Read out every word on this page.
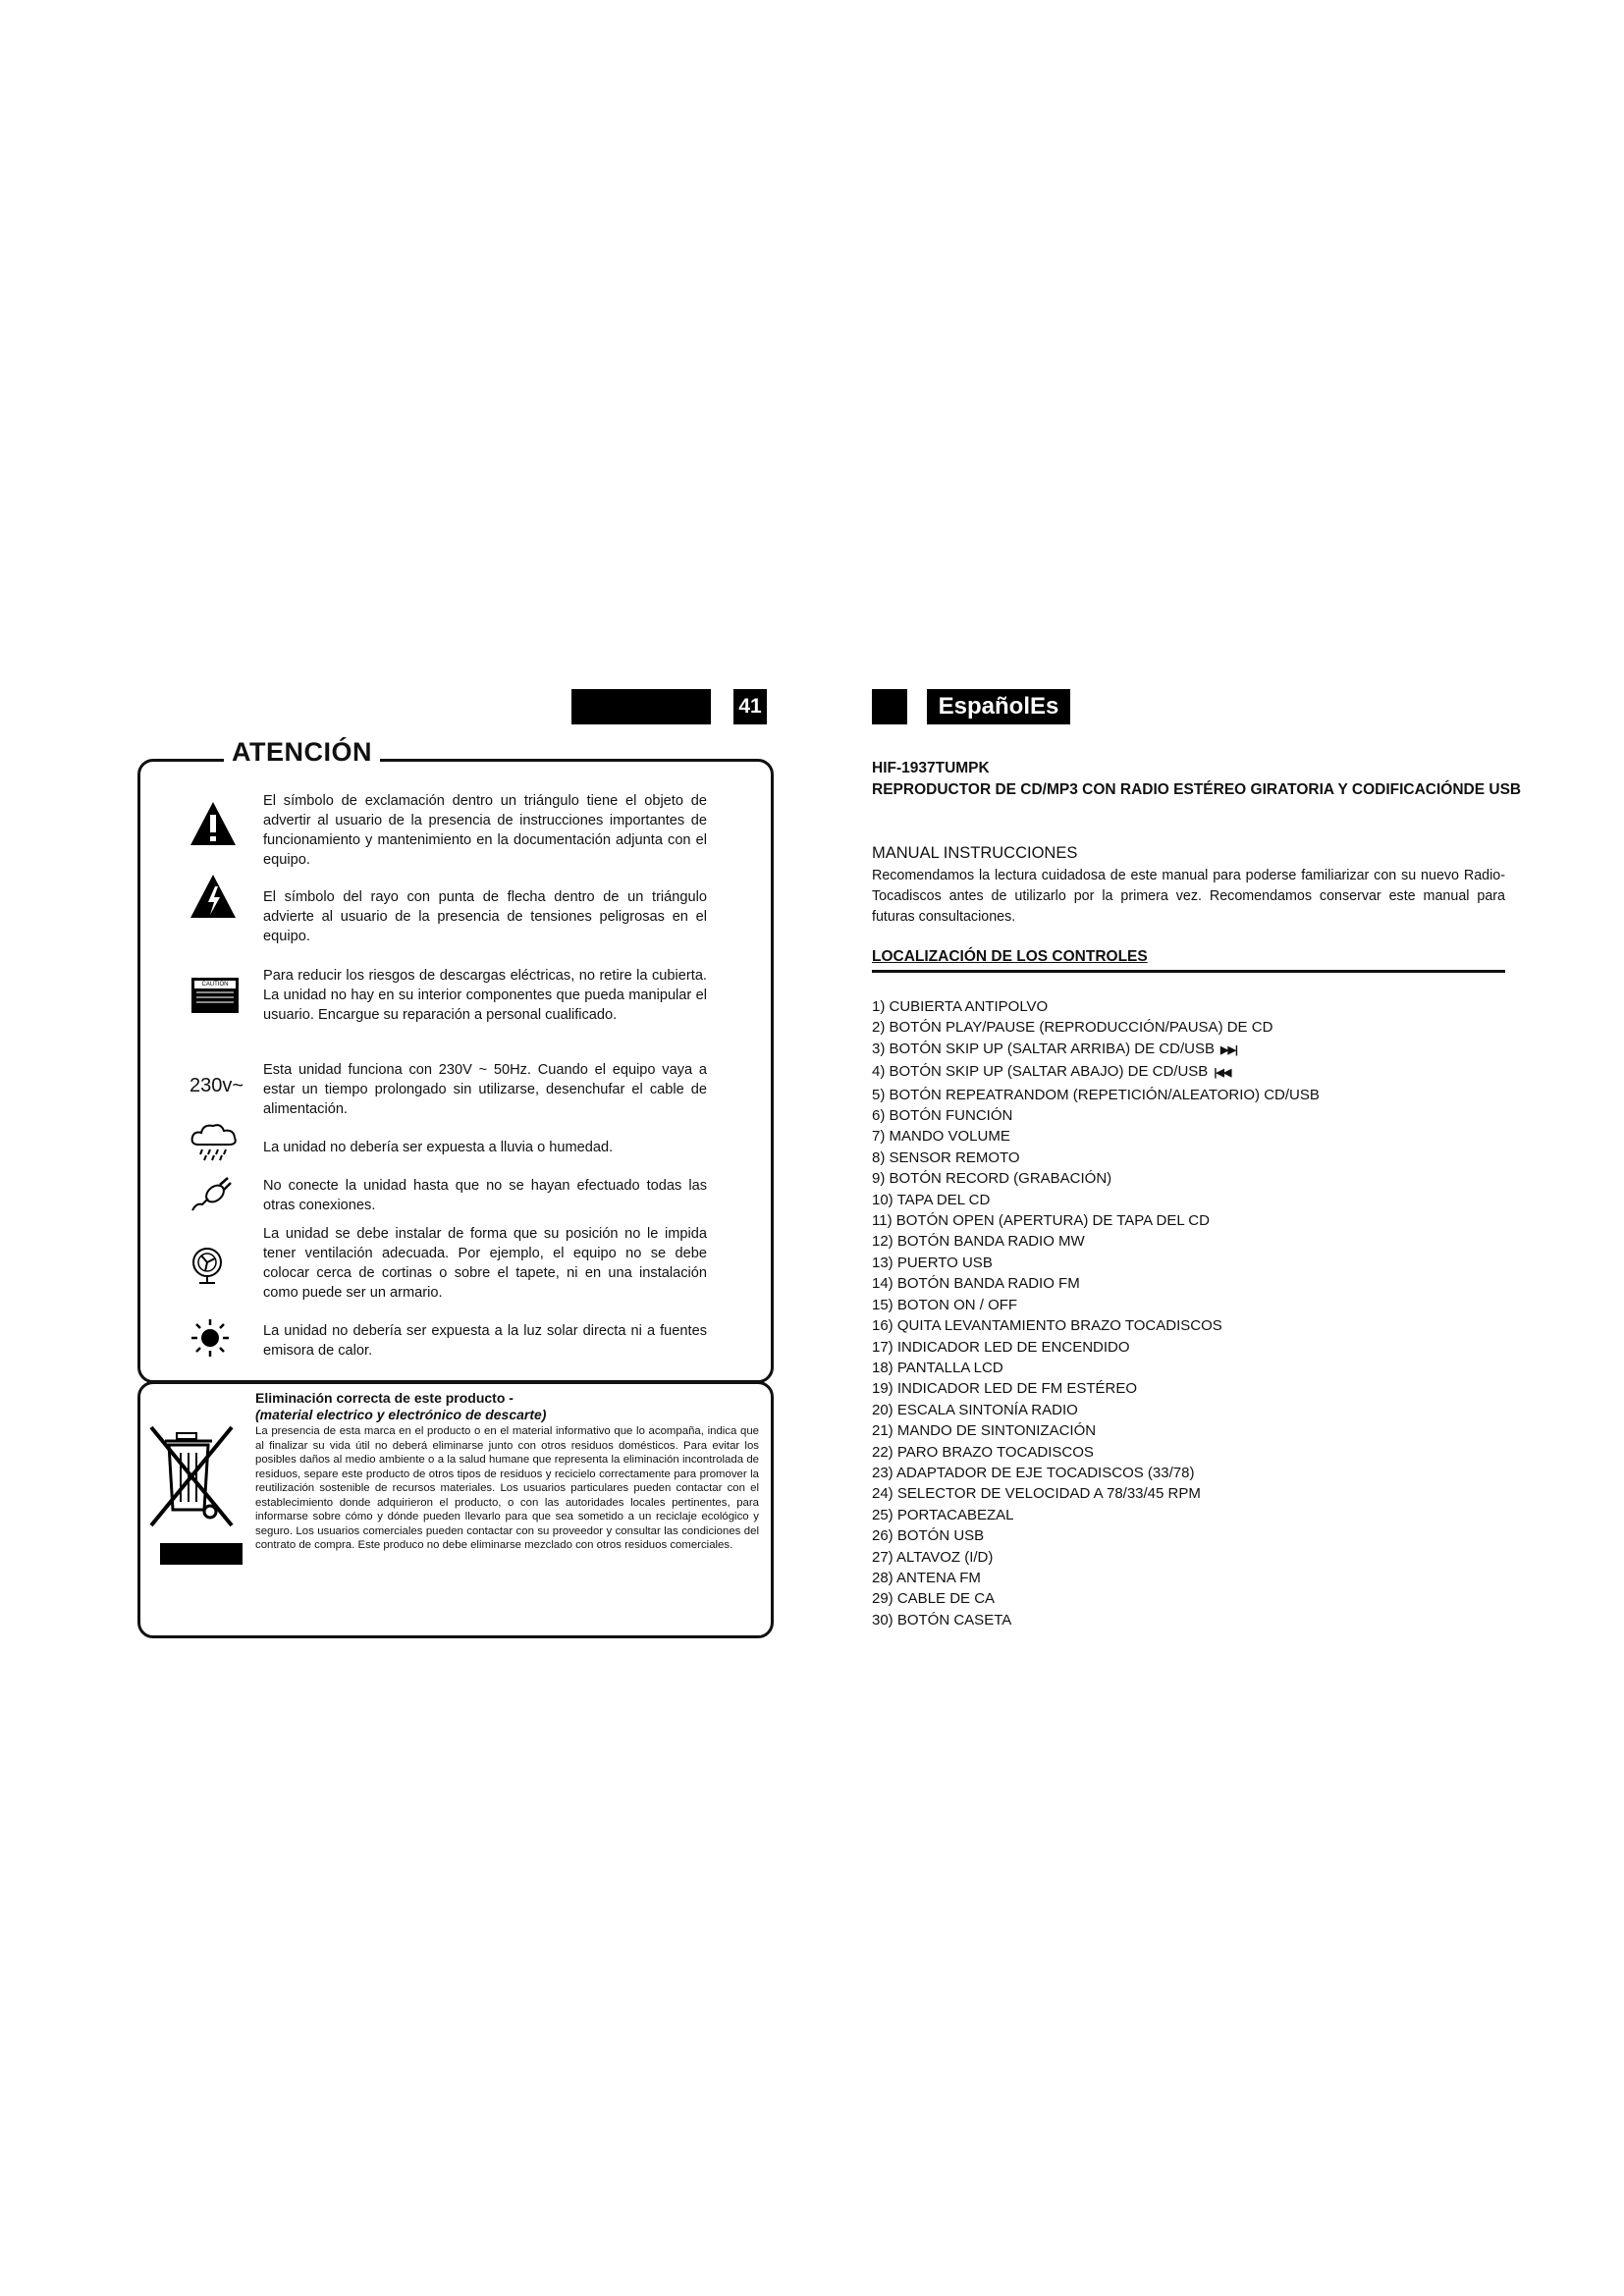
41	EspañolEs
ATENCIÓN
CAUTION
230v~
El símbolo de exclamación dentro un triángulo tiene el objeto de advertir al usuario de la presencia de instrucciones importantes de funcionamiento y mantenimiento en la documentación adjunta con el equipo.
El símbolo del rayo con punta de flecha dentro de un triángulo advierte al usuario de la presencia de tensiones peligrosas en el equipo.
Para reducir los riesgos de descargas eléctricas, no retire la cubierta. La unidad no hay en su interior componentes que pueda manipular el usuario. Encargue su reparación a personal cualificado.
Esta unidad funciona con 230V ~ 50Hz. Cuando el equipo vaya a estar un tiempo prolongado sin utilizarse, desenchufar el cable de alimentación.
La unidad no debería ser expuesta a lluvia o humedad.
No conecte la unidad hasta que no se hayan efectuado todas las otras conexiones.
La unidad se debe instalar de forma que su posición no le impida tener ventilación adecuada. Por ejemplo, el equipo no se debe colocar cerca de cortinas o sobre el tapete, ni en una instalación como puede ser un armario.
La unidad no debería ser expuesta a la luz solar directa ni a fuentes emisora de calor.
Eliminación correcta de este producto -
(material electrico y electrónico de descarte)
La presencia de esta marca en el producto o en el material informativo que lo acompaña, indica que al finalizar su vida útil no deberá eliminarse junto con otros residuos domésticos. Para evitar los posibles daños al medio ambiente o a la salud humane que representa la eliminación incontrolada de residuos, separe este producto de otros tipos de residuos y recicielo correctamente para promover la reutilización sostenible de recursos materiales. Los usuarios particulares pueden contactar con el establecimiento donde adquirieron el producto, o con las autoridades locales pertinentes, para informarse sobre cómo y dónde pueden llevarlo para que sea sometido a un reciclaje ecológico y seguro. Los usuarios comerciales pueden contactar con su proveedor y consultar las condiciones del contrato de compra. Este produco no debe eliminarse mezclado con otros residuos comerciales.
HIF-1937TUMPK
REPRODUCTOR DE CD/MP3 CON RADIO ESTÉREO GIRATORIA Y CODIFICACIÓNDE USB
MANUAL INSTRUCCIONES
Recomendamos la lectura cuidadosa de este manual para poderse familiarizar con su nuevo Radio-Tocadiscos antes de utilizarlo por la primera vez. Recomendamos conservar este manual para futuras consultaciones.
LOCALIZACIÓN DE LOS CONTROLES
1) CUBIERTA ANTIPOLVO
2) BOTÓN PLAY/PAUSE (REPRODUCCIÓN/PAUSA) DE CD
3) BOTÓN SKIP UP (SALTAR ARRIBA) DE CD/USB ▶▶|
4) BOTÓN SKIP UP (SALTAR ABAJO) DE CD/USB |◀◀
5) BOTÓN REPEATRANDOM (REPETICIÓN/ALEATORIO) CD/USB
6) BOTÓN FUNCIÓN
7) MANDO VOLUME
8) SENSOR REMOTO
9) BOTÓN RECORD (GRABACIÓN)
10) TAPA DEL CD
11) BOTÓN OPEN (APERTURA) DE TAPA DEL CD
12) BOTÓN BANDA RADIO MW
13) PUERTO USB
14) BOTÓN BANDA RADIO FM
15) BOTON ON / OFF
16) QUITA LEVANTAMIENTO BRAZO TOCADISCOS
17) INDICADOR LED DE ENCENDIDO
18) PANTALLA LCD
19) INDICADOR LED DE FM ESTÉREO
20) ESCALA SINTONÍA RADIO
21) MANDO DE SINTONIZACIÓN
22) PARO BRAZO TOCADISCOS
23) ADAPTADOR DE EJE TOCADISCOS (33/78)
24) SELECTOR DE VELOCIDAD A 78/33/45 RPM
25) PORTACABEZAL
26) BOTÓN USB
27) ALTAVOZ (I/D)
28) ANTENA FM
29) CABLE DE CA
30) BOTÓN CASETA
